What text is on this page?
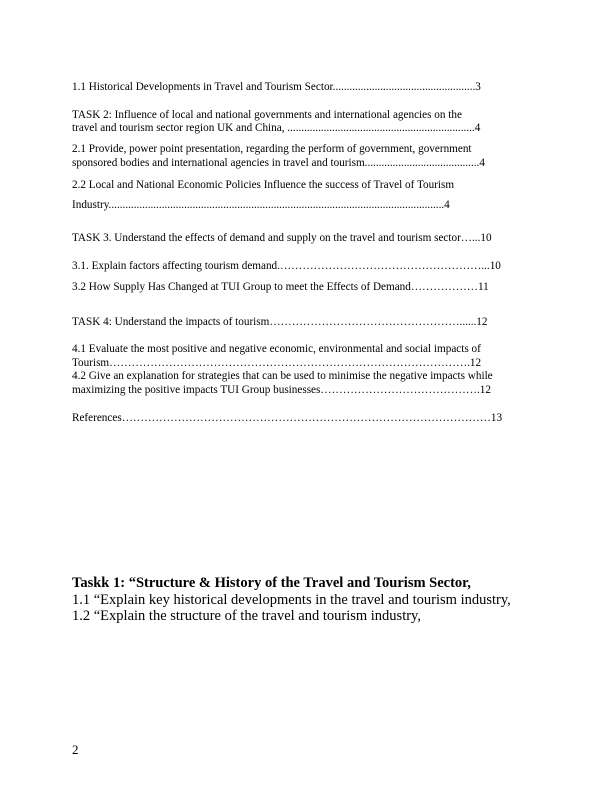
1.1 Historical Developments in Travel and Tourism Sector...................................................3
TASK 2: Influence of local and national governments and international agencies on the
travel and tourism sector region UK and China, ...................................................................4
2.1 Provide, power point presentation, regarding the perform of government, government
sponsored bodies and international agencies in travel and tourism.........................................4
2.2 Local and National Economic Policies Influence the success of Travel of Tourism
Industry........................................................................................................................4
TASK 3. Understand the effects of demand and supply on the travel and tourism sector…...10
3.1. Explain factors affecting tourism demand.………………………………………………...10
3.2 How Supply Has Changed at TUI Group to meet the Effects of Demand………………11
TASK 4: Understand the impacts of tourism……………………………………………......12
4.1 Evaluate the most positive and negative economic, environmental and social impacts of
Tourism…………………………………………………………………………………….12
4.2 Give an explanation for strategies that can be used to minimise the negative impacts while
maximizing the positive impacts TUI Group businesses…………………………………….12
References………………………………………………………………………………………13
Taskk 1: “Structure & History of the Travel and Tourism Sector,
1.1 “Explain key historical developments in the travel and tourism industry,
1.2 “Explain the structure of the travel and tourism industry,
2
